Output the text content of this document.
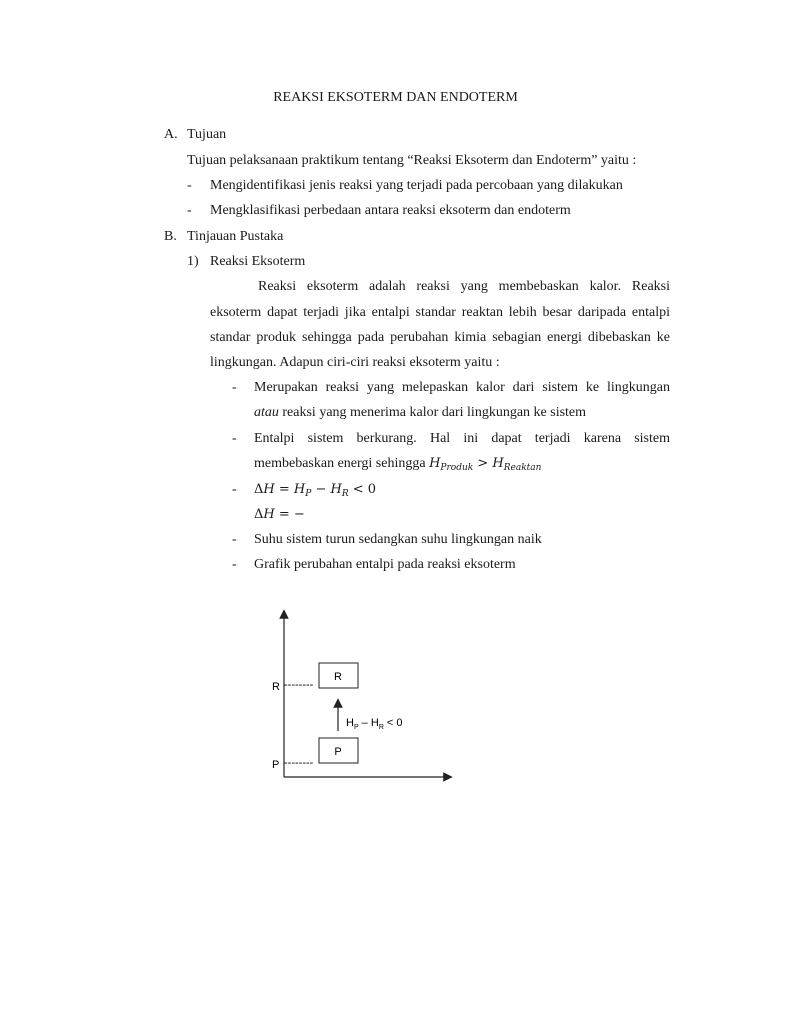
REAKSI EKSOTERM DAN ENDOTERM
A. Tujuan
Tujuan pelaksanaan praktikum tentang “Reaksi Eksoterm dan Endoterm” yaitu :
- Mengidentifikasi jenis reaksi yang terjadi pada percobaan yang dilakukan
- Mengklasifikasi perbedaan antara reaksi eksoterm dan endoterm
B. Tinjauan Pustaka
1) Reaksi Eksoterm
Reaksi eksoterm adalah reaksi yang membebaskan kalor. Reaksi
eksoterm dapat terjadi jika entalpi standar reaktan lebih besar daripada entalpi
standar produk sehingga pada perubahan kimia sebagian energi dibebaskan ke
lingkungan. Adapun ciri-ciri reaksi eksoterm yaitu :
- Merupakan reaksi yang melepaskan kalor dari sistem ke lingkungan
atau reaksi yang menerima kalor dari lingkungan ke sistem
- Entalpi sistem berkurang. Hal ini dapat terjadi karena sistem
membebaskan energi sehingga $H_{Produk} > H_{Reaktan}$
- $\Delta H = H_P - H_R < 0$
ΔH = −
- Suhu sistem turun sedangkan suhu lingkungan naik
- Grafik perubahan entalpi pada reaksi eksoterm
R
P
R
P
--------
--------
$H_P - H_R < 0$
